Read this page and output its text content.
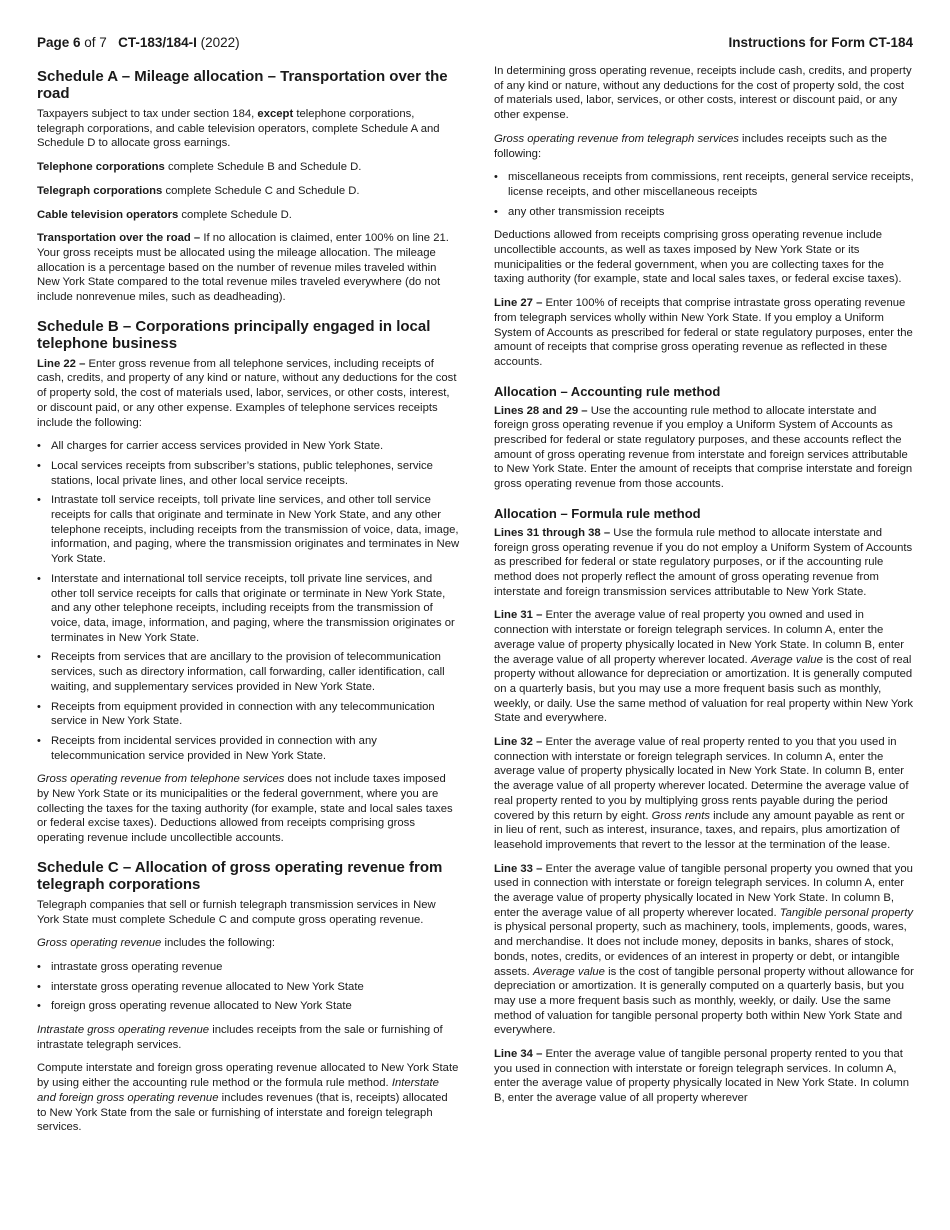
Page 6 of 7 CT-183/184-I (2022)	Instructions for Form CT-184
Schedule A – Mileage allocation – Transportation over the road

Taxpayers subject to tax under section 184, except telephone corporations, telegraph corporations, and cable television operators, complete Schedule A and Schedule D to allocate gross earnings.

Telephone corporations complete Schedule B and Schedule D.

Telegraph corporations complete Schedule C and Schedule D.

Cable television operators complete Schedule D.

Transportation over the road – If no allocation is claimed, enter 100% on line 21. Your gross receipts must be allocated using the mileage allocation. The mileage allocation is a percentage based on the number of revenue miles traveled within New York State compared to the total revenue miles traveled everywhere (do not include nonrevenue miles, such as deadheading).

Schedule B – Corporations principally engaged in local telephone business

Line 22 – Enter gross revenue from all telephone services, including receipts of cash, credits, and property of any kind or nature, without any deductions for the cost of property sold, the cost of materials used, labor, services, or other costs, interest, or discount paid, or any other expense. Examples of telephone services receipts include the following:

• All charges for carrier access services provided in New York State.
• Local services receipts from subscriber’s stations, public telephones, service stations, local private lines, and other local service receipts.
• Intrastate toll service receipts, toll private line services, and other toll service receipts for calls that originate and terminate in New York State, and any other telephone receipts, including receipts from the transmission of voice, data, image, information, and paging, where the transmission originates and terminates in New York State.
• Interstate and international toll service receipts, toll private line services, and other toll service receipts for calls that originate or terminate in New York State, and any other telephone receipts, including receipts from the transmission of voice, data, image, information, and paging, where the transmission originates or terminates in New York State.
• Receipts from services that are ancillary to the provision of telecommunication services, such as directory information, call forwarding, caller identification, call waiting, and supplementary services provided in New York State.
• Receipts from equipment provided in connection with any telecommunication service in New York State.
• Receipts from incidental services provided in connection with any telecommunication service provided in New York State.

Gross operating revenue from telephone services does not include taxes imposed by New York State or its municipalities or the federal government, where you are collecting the taxes for the taxing authority (for example, state and local sales taxes or federal excise taxes). Deductions allowed from receipts comprising gross operating revenue include uncollectible accounts.

Schedule C – Allocation of gross operating revenue from telegraph corporations

Telegraph companies that sell or furnish telegraph transmission services in New York State must complete Schedule C and compute gross operating revenue.

Gross operating revenue includes the following:

• intrastate gross operating revenue
• interstate gross operating revenue allocated to New York State
• foreign gross operating revenue allocated to New York State

Intrastate gross operating revenue includes receipts from the sale or furnishing of intrastate telegraph services.

Compute interstate and foreign gross operating revenue allocated to New York State by using either the accounting rule method or the formula rule method. Interstate and foreign gross operating revenue includes revenues (that is, receipts) allocated to New York State from the sale or furnishing of interstate and foreign telegraph services.

In determining gross operating revenue, receipts include cash, credits, and property of any kind or nature, without any deductions for the cost of property sold, the cost of materials used, labor, services, or other costs, interest or discount paid, or any other expense.

Gross operating revenue from telegraph services includes receipts such as the following:

• miscellaneous receipts from commissions, rent receipts, general service receipts, license receipts, and other miscellaneous receipts
• any other transmission receipts

Deductions allowed from receipts comprising gross operating revenue include uncollectible accounts, as well as taxes imposed by New York State or its municipalities or the federal government, when you are collecting taxes for the taxing authority (for example, state and local sales taxes, or federal excise taxes).

Line 27 – Enter 100% of receipts that comprise intrastate gross operating revenue from telegraph services wholly within New York State. If you employ a Uniform System of Accounts as prescribed for federal or state regulatory purposes, enter the amount of receipts that comprise gross operating revenue as reflected in these accounts.

Allocation – Accounting rule method

Lines 28 and 29 – Use the accounting rule method to allocate interstate and foreign gross operating revenue if you employ a Uniform System of Accounts as prescribed for federal or state regulatory purposes, and these accounts reflect the amount of gross operating revenue from interstate and foreign services attributable to New York State. Enter the amount of receipts that comprise interstate and foreign gross operating revenue from those accounts.

Allocation – Formula rule method

Lines 31 through 38 – Use the formula rule method to allocate interstate and foreign gross operating revenue if you do not employ a Uniform System of Accounts as prescribed for federal or state regulatory purposes, or if the accounting rule method does not properly reflect the amount of gross operating revenue from interstate and foreign transmission services attributable to New York State.

Line 31 – Enter the average value of real property you owned and used in connection with interstate or foreign telegraph services. In column A, enter the average value of property physically located in New York State. In column B, enter the average value of all property wherever located. Average value is the cost of real property without allowance for depreciation or amortization. It is generally computed on a quarterly basis, but you may use a more frequent basis such as monthly, weekly, or daily. Use the same method of valuation for real property within New York State and everywhere.

Line 32 – Enter the average value of real property rented to you that you used in connection with interstate or foreign telegraph services. In column A, enter the average value of property physically located in New York State. In column B, enter the average value of all property wherever located. Determine the average value of real property rented to you by multiplying gross rents payable during the period covered by this return by eight. Gross rents include any amount payable as rent or in lieu of rent, such as interest, insurance, taxes, and repairs, plus amortization of leasehold improvements that revert to the lessor at the termination of the lease.

Line 33 – Enter the average value of tangible personal property you owned that you used in connection with interstate or foreign telegraph services. In column A, enter the average value of property physically located in New York State. In column B, enter the average value of all property wherever located. Tangible personal property is physical personal property, such as machinery, tools, implements, goods, wares, and merchandise. It does not include money, deposits in banks, shares of stock, bonds, notes, credits, or evidences of an interest in property or debt, or intangible assets. Average value is the cost of tangible personal property without allowance for depreciation or amortization. It is generally computed on a quarterly basis, but you may use a more frequent basis such as monthly, weekly, or daily. Use the same method of valuation for tangible personal property both within New York State and everywhere.

Line 34 – Enter the average value of tangible personal property rented to you that you used in connection with interstate or foreign telegraph services. In column A, enter the average value of property physically located in New York State. In column B, enter the average value of all property wherever
